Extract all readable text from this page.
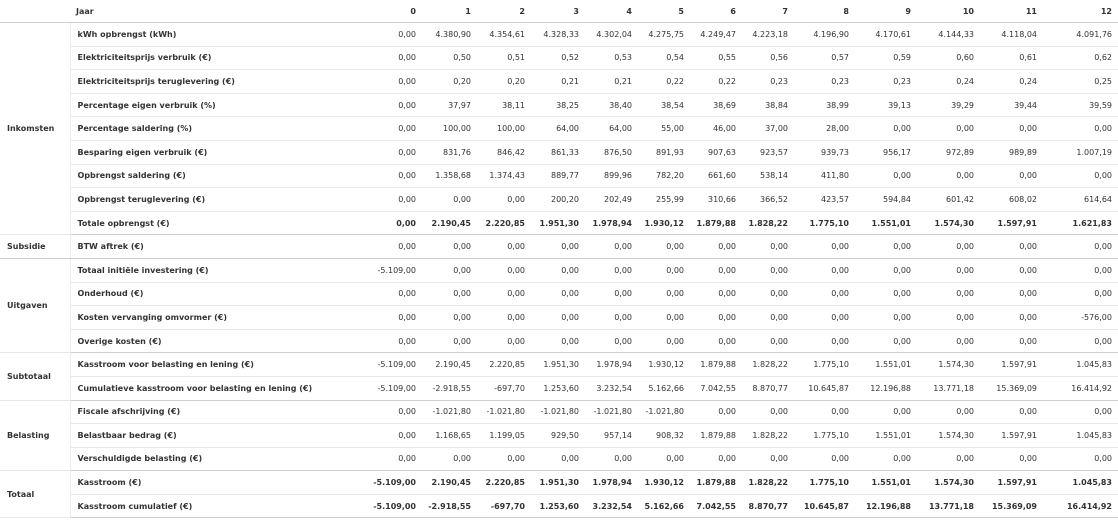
	Jaar	0	1	2	3	4	5	6	7	8	9	10	11	12
Inkomsten	kWh opbrengst (kWh)	0,00	4.380,90	4.354,61	4.328,33	4.302,04	4.275,75	4.249,47	4.223,18	4.196,90	4.170,61	4.144,33	4.118,04	4.091,76
	Elektriciteitsprijs verbruik (€)	0,00	0,50	0,51	0,52	0,53	0,54	0,55	0,56	0,57	0,59	0,60	0,61	0,62
	Elektriciteitsprijs teruglevering (€)	0,00	0,20	0,20	0,21	0,21	0,22	0,22	0,23	0,23	0,23	0,24	0,24	0,25
	Percentage eigen verbruik (%)	0,00	37,97	38,11	38,25	38,40	38,54	38,69	38,84	38,99	39,13	39,29	39,44	39,59
	Percentage saldering (%)	0,00	100,00	100,00	64,00	64,00	55,00	46,00	37,00	28,00	0,00	0,00	0,00	0,00
	Besparing eigen verbruik (€)	0,00	831,76	846,42	861,33	876,50	891,93	907,63	923,57	939,73	956,17	972,89	989,89	1.007,19
	Opbrengst saldering (€)	0,00	1.358,68	1.374,43	889,77	899,96	782,20	661,60	538,14	411,80	0,00	0,00	0,00	0,00
	Opbrengst teruglevering (€)	0,00	0,00	0,00	200,20	202,49	255,99	310,66	366,52	423,57	594,84	601,42	608,02	614,64
	Totale opbrengst (€)	0,00	2.190,45	2.220,85	1.951,30	1.978,94	1.930,12	1.879,88	1.828,22	1.775,10	1.551,01	1.574,30	1.597,91	1.621,83
Subsidie	BTW aftrek (€)	0,00	0,00	0,00	0,00	0,00	0,00	0,00	0,00	0,00	0,00	0,00	0,00	0,00
Uitgaven	Totaal initiële investering (€)	-5.109,00	0,00	0,00	0,00	0,00	0,00	0,00	0,00	0,00	0,00	0,00	0,00	0,00
	Onderhoud (€)	0,00	0,00	0,00	0,00	0,00	0,00	0,00	0,00	0,00	0,00	0,00	0,00	0,00
	Kosten vervanging omvormer (€)	0,00	0,00	0,00	0,00	0,00	0,00	0,00	0,00	0,00	0,00	0,00	0,00	-576,00
	Overige kosten (€)	0,00	0,00	0,00	0,00	0,00	0,00	0,00	0,00	0,00	0,00	0,00	0,00	0,00
Subtotaal	Kasstroom voor belasting en lening (€)	-5.109,00	2.190,45	2.220,85	1.951,30	1.978,94	1.930,12	1.879,88	1.828,22	1.775,10	1.551,01	1.574,30	1.597,91	1.045,83
	Cumulatieve kasstroom voor belasting en lening (€)	-5.109,00	-2.918,55	-697,70	1.253,60	3.232,54	5.162,66	7.042,55	8.870,77	10.645,87	12.196,88	13.771,18	15.369,09	16.414,92
Belasting	Fiscale afschrijving (€)	0,00	-1.021,80	-1.021,80	-1.021,80	-1.021,80	-1.021,80	0,00	0,00	0,00	0,00	0,00	0,00	0,00
	Belastbaar bedrag (€)	0,00	1.168,65	1.199,05	929,50	957,14	908,32	1.879,88	1.828,22	1.775,10	1.551,01	1.574,30	1.597,91	1.045,83
	Verschuldigde belasting (€)	0,00	0,00	0,00	0,00	0,00	0,00	0,00	0,00	0,00	0,00	0,00	0,00	0,00
Totaal	Kasstroom (€)	-5.109,00	2.190,45	2.220,85	1.951,30	1.978,94	1.930,12	1.879,88	1.828,22	1.775,10	1.551,01	1.574,30	1.597,91	1.045,83
	Kasstroom cumulatief (€)	-5.109,00	-2.918,55	-697,70	1.253,60	3.232,54	5.162,66	7.042,55	8.870,77	10.645,87	12.196,88	13.771,18	15.369,09	16.414,92
